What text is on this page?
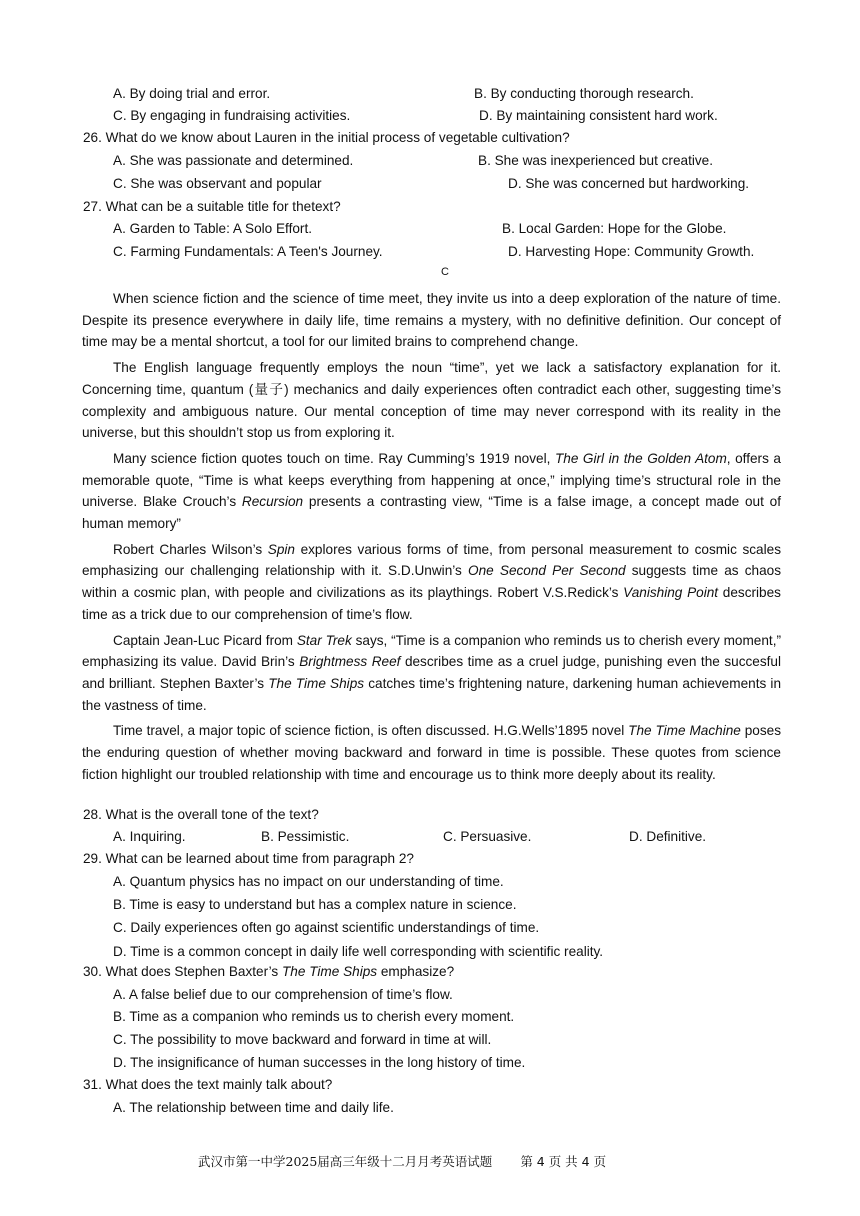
A. By doing trial and error.	B. By conducting thorough research.
C. By engaging in fundraising activities.	D. By maintaining consistent hard work.
26. What do we know about Lauren in the initial process of vegetable cultivation?
A. She was passionate and determined.	B. She was inexperienced but creative.
C. She was observant and popular	D. She was concerned but hardworking.
27. What can be a suitable title for thetext?
A. Garden to Table: A Solo Effort.	B. Local Garden: Hope for the Globe.
C. Farming Fundamentals: A Teen's Journey.	D. Harvesting Hope: Community Growth.
C

When science fiction and the science of time meet, they invite us into a deep exploration of the nature of time. Despite its presence everywhere in daily life, time remains a mystery, with no definitive definition. Our concept of time may be a mental shortcut, a tool for our limited brains to comprehend change.

The English language frequently employs the noun “time”, yet we lack a satisfactory explanation for it. Concerning time, quantum (量子) mechanics and daily experiences often contradict each other, suggesting time’s complexity and ambiguous nature. Our mental conception of time may never correspond with its reality in the universe, but this shouldn’t stop us from exploring it.

Many science fiction quotes touch on time. Ray Cumming’s 1919 novel, The Girl in the Golden Atom, offers a memorable quote, “Time is what keeps everything from happening at once,” implying time’s structural role in the universe. Blake Crouch’s Recursion presents a contrasting view, “Time is a false image, a concept made out of human memory”

Robert Charles Wilson’s Spin explores various forms of time, from personal measurement to cosmic scales emphasizing our challenging relationship with it. S.D.Unwin’s One Second Per Second suggests time as chaos within a cosmic plan, with people and civilizations as its playthings. Robert V.S.Redick’s Vanishing Point describes time as a trick due to our comprehension of time’s flow.

Captain Jean-Luc Picard from Star Trek says, “Time is a companion who reminds us to cherish every moment,” emphasizing its value. David Brin’s Brightmess Reef describes time as a cruel judge, punishing even the succesful and brilliant. Stephen Baxter’s The Time Ships catches time’s frightening nature, darkening human achievements in the vastness of time.

Time travel, a major topic of science fiction, is often discussed. H.G.Wells’1895 novel The Time Machine poses the enduring question of whether moving backward and forward in time is possible. These quotes from science fiction highlight our troubled relationship with time and encourage us to think more deeply about its reality.

28. What is the overall tone of the text?
A. Inquiring.	B. Pessimistic.	C. Persuasive.	D. Definitive.
29. What can be learned about time from paragraph 2?
A. Quantum physics has no impact on our understanding of time.
B. Time is easy to understand but has a complex nature in science.
C. Daily experiences often go against scientific understandings of time.
D. Time is a common concept in daily life well corresponding with scientific reality.
30. What does Stephen Baxter’s The Time Ships emphasize?
A. A false belief due to our comprehension of time’s flow.
B. Time as a companion who reminds us to cherish every moment.
C. The possibility to move backward and forward in time at will.
D. The insignificance of human successes in the long history of time.
31. What does the text mainly talk about?
A. The relationship between time and daily life.
武汉市第一中学2025届高三年级十二月月考英语试题 第 4 页 共 4 页
